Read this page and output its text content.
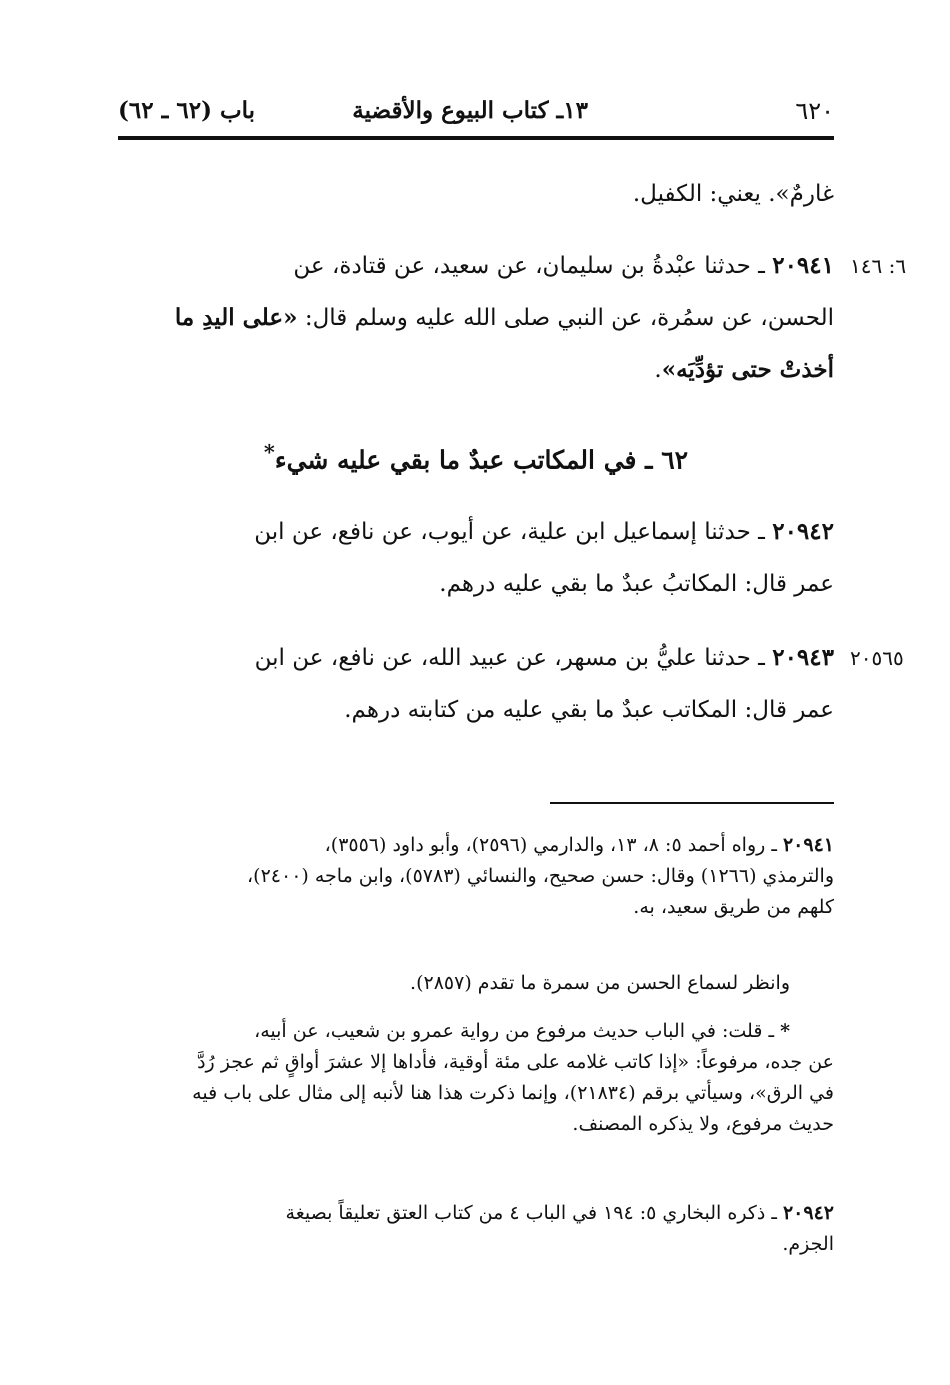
٦٢٠
١٣ـ كتاب البيوع والأقضية
باب (٦٢ ـ ٦٢)
غارمٌ». يعني: الكفيل.
٦: ١٤٦
٢٠٩٤١ ـ حدثنا عبْدةُ بن سليمان، عن سعيد، عن قتادة، عن
الحسن، عن سمُرة، عن النبي صلى الله عليه وسلم قال: «على اليدِ ما
أخذتْ حتى تؤدِّيَه».
٦٢ ـ في المكاتب عبدٌ ما بقي عليه شيء*
٢٠٩٤٢ ـ حدثنا إسماعيل ابن علية، عن أيوب، عن نافع، عن ابن
عمر قال: المكاتبُ عبدٌ ما بقي عليه درهم.
٢٠٥٦٥
٢٠٩٤٣ ـ حدثنا عليُّ بن مسهر، عن عبيد الله، عن نافع، عن ابن
عمر قال: المكاتب عبدٌ ما بقي عليه من كتابته درهم.
٢٠٩٤١ ـ رواه أحمد ٥: ٨، ١٣، والدارمي (٢٥٩٦)، وأبو داود (٣٥٥٦)،
والترمذي (١٢٦٦) وقال: حسن صحيح، والنسائي (٥٧٨٣)، وابن ماجه (٢٤٠٠)،
كلهم من طريق سعيد، به.
وانظر لسماع الحسن من سمرة ما تقدم (٢٨٥٧).
* ـ قلت: في الباب حديث مرفوع من رواية عمرو بن شعيب، عن أبيه،
عن جده، مرفوعاً: «إذا كاتب غلامه على مئة أوقية، فأداها إلا عشرَ أواقٍ ثم عجز رُدَّ
في الرق»، وسيأتي برقم (٢١٨٣٤)، وإنما ذكرت هذا هنا لأنبه إلى مثال على باب فيه
حديث مرفوع، ولا يذكره المصنف.
٢٠٩٤٢ ـ ذكره البخاري ٥: ١٩٤ في الباب ٤ من كتاب العتق تعليقاً بصيغة
الجزم.
